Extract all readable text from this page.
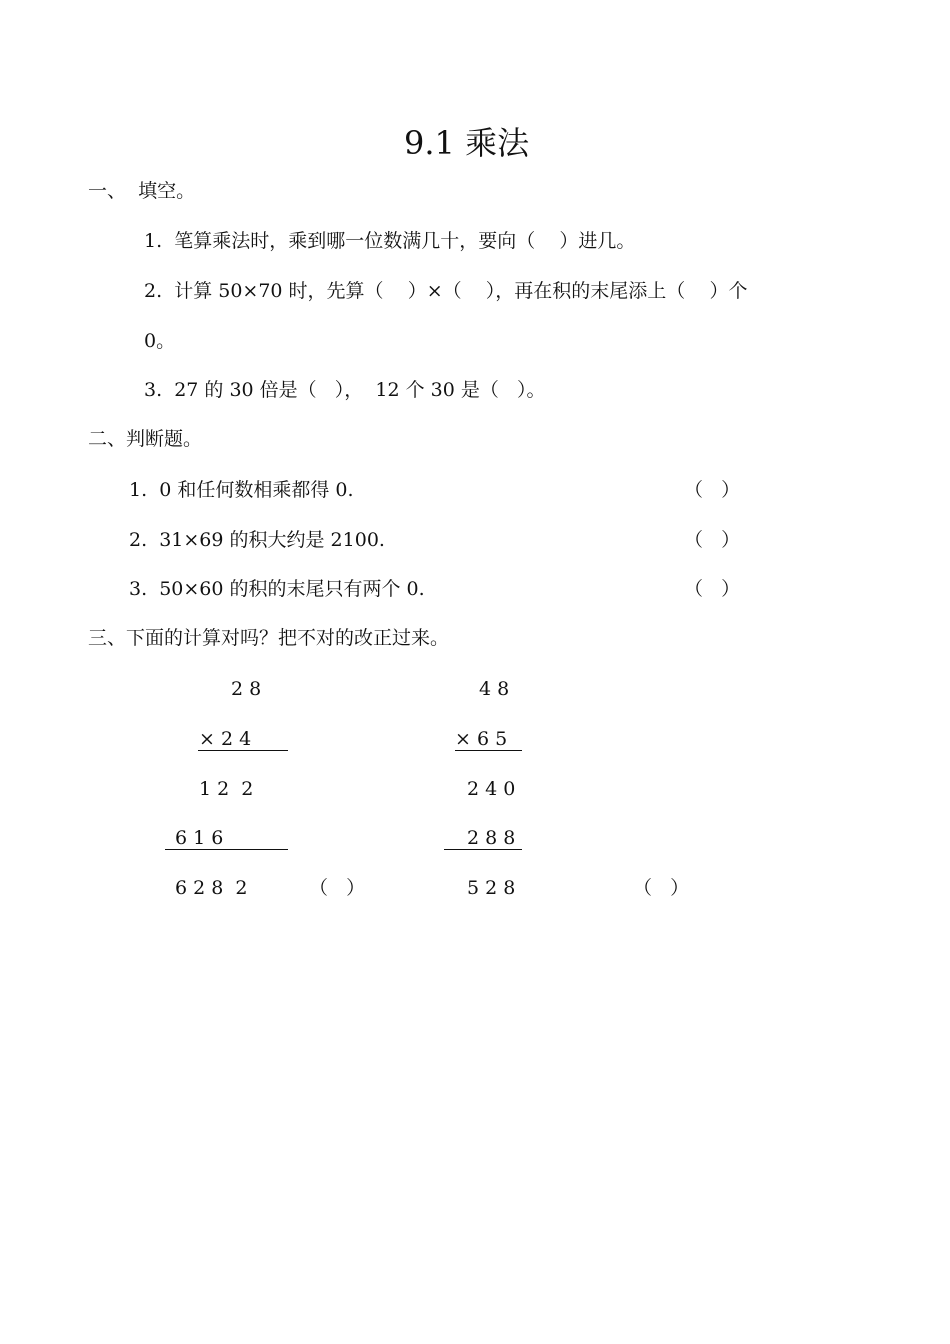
9.1 乘法
一、  填空。
1.  笔算乘法时，乘到哪一位数满几十，要向（    ）进几。
2.  计算 50×70 时，先算（    ）×（    ），再在积的末尾添上（    ）个
0。
3.  27 的 30 倍是（   ），  12 个 30 是（   ）。
二、判断题。
1.  0 和任何数相乘都得 0.	（   ）
2.  31×69 的积大约是 2100.	（   ）
3.  50×60 的积的末尾只有两个 0.	（   ）
三、下面的计算对吗？把不对的改正过来。
2 8
× 2 4
1 2  2
6 1 6
6 2 8  2	（   ）
4 8
× 6 5
2 4 0
2 8 8
5 2 8	（   ）
